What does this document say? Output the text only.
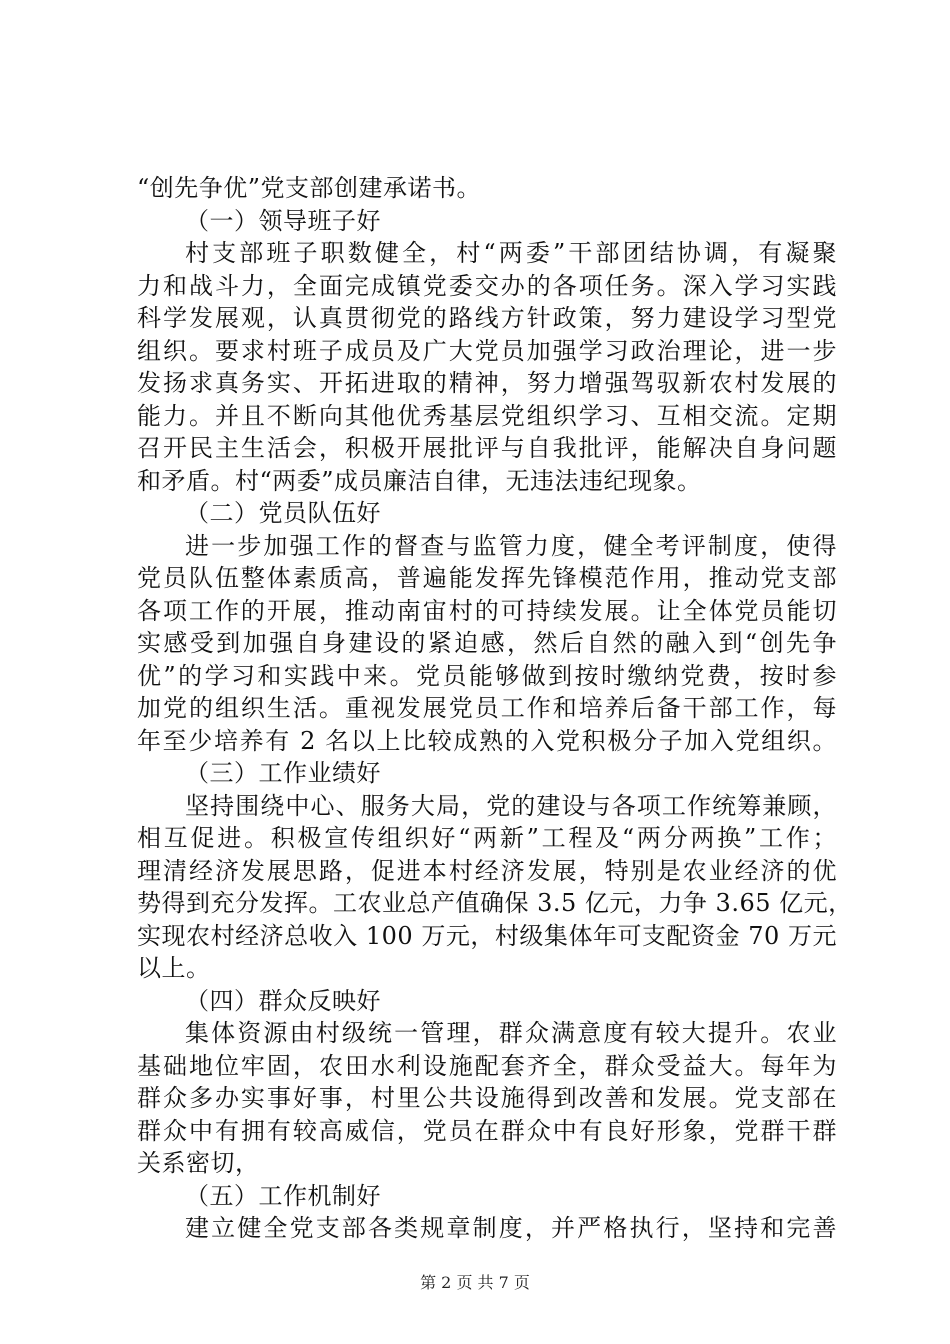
“创先争优”党支部创建承诺书。
（一）领导班子好
村支部班子职数健全，村“两委”干部团结协调，有凝聚
力和战斗力，全面完成镇党委交办的各项任务。深入学习实践
科学发展观，认真贯彻党的路线方针政策，努力建设学习型党
组织。要求村班子成员及广大党员加强学习政治理论，进一步
发扬求真务实、开拓进取的精神，努力增强驾驭新农村发展的
能力。并且不断向其他优秀基层党组织学习、互相交流。定期
召开民主生活会，积极开展批评与自我批评，能解决自身问题
和矛盾。村“两委”成员廉洁自律，无违法违纪现象。
（二）党员队伍好
进一步加强工作的督查与监管力度，健全考评制度，使得
党员队伍整体素质高，普遍能发挥先锋模范作用，推动党支部
各项工作的开展，推动南宙村的可持续发展。让全体党员能切
实感受到加强自身建设的紧迫感，然后自然的融入到“创先争
优”的学习和实践中来。党员能够做到按时缴纳党费，按时参
加党的组织生活。重视发展党员工作和培养后备干部工作，每
年至少培养有 2 名以上比较成熟的入党积极分子加入党组织。
（三）工作业绩好
坚持围绕中心、服务大局，党的建设与各项工作统筹兼顾，
相互促进。积极宣传组织好“两新”工程及“两分两换”工作；
理清经济发展思路，促进本村经济发展，特别是农业经济的优
势得到充分发挥。工农业总产值确保 3.5 亿元，力争 3.65 亿元，
实现农村经济总收入 100 万元，村级集体年可支配资金 70 万元
以上。
（四）群众反映好
集体资源由村级统一管理，群众满意度有较大提升。农业
基础地位牢固，农田水利设施配套齐全，群众受益大。每年为
群众多办实事好事，村里公共设施得到改善和发展。党支部在
群众中有拥有较高威信，党员在群众中有良好形象，党群干群
关系密切，
（五）工作机制好
建立健全党支部各类规章制度，并严格执行，坚持和完善
第 2 页 共 7 页
